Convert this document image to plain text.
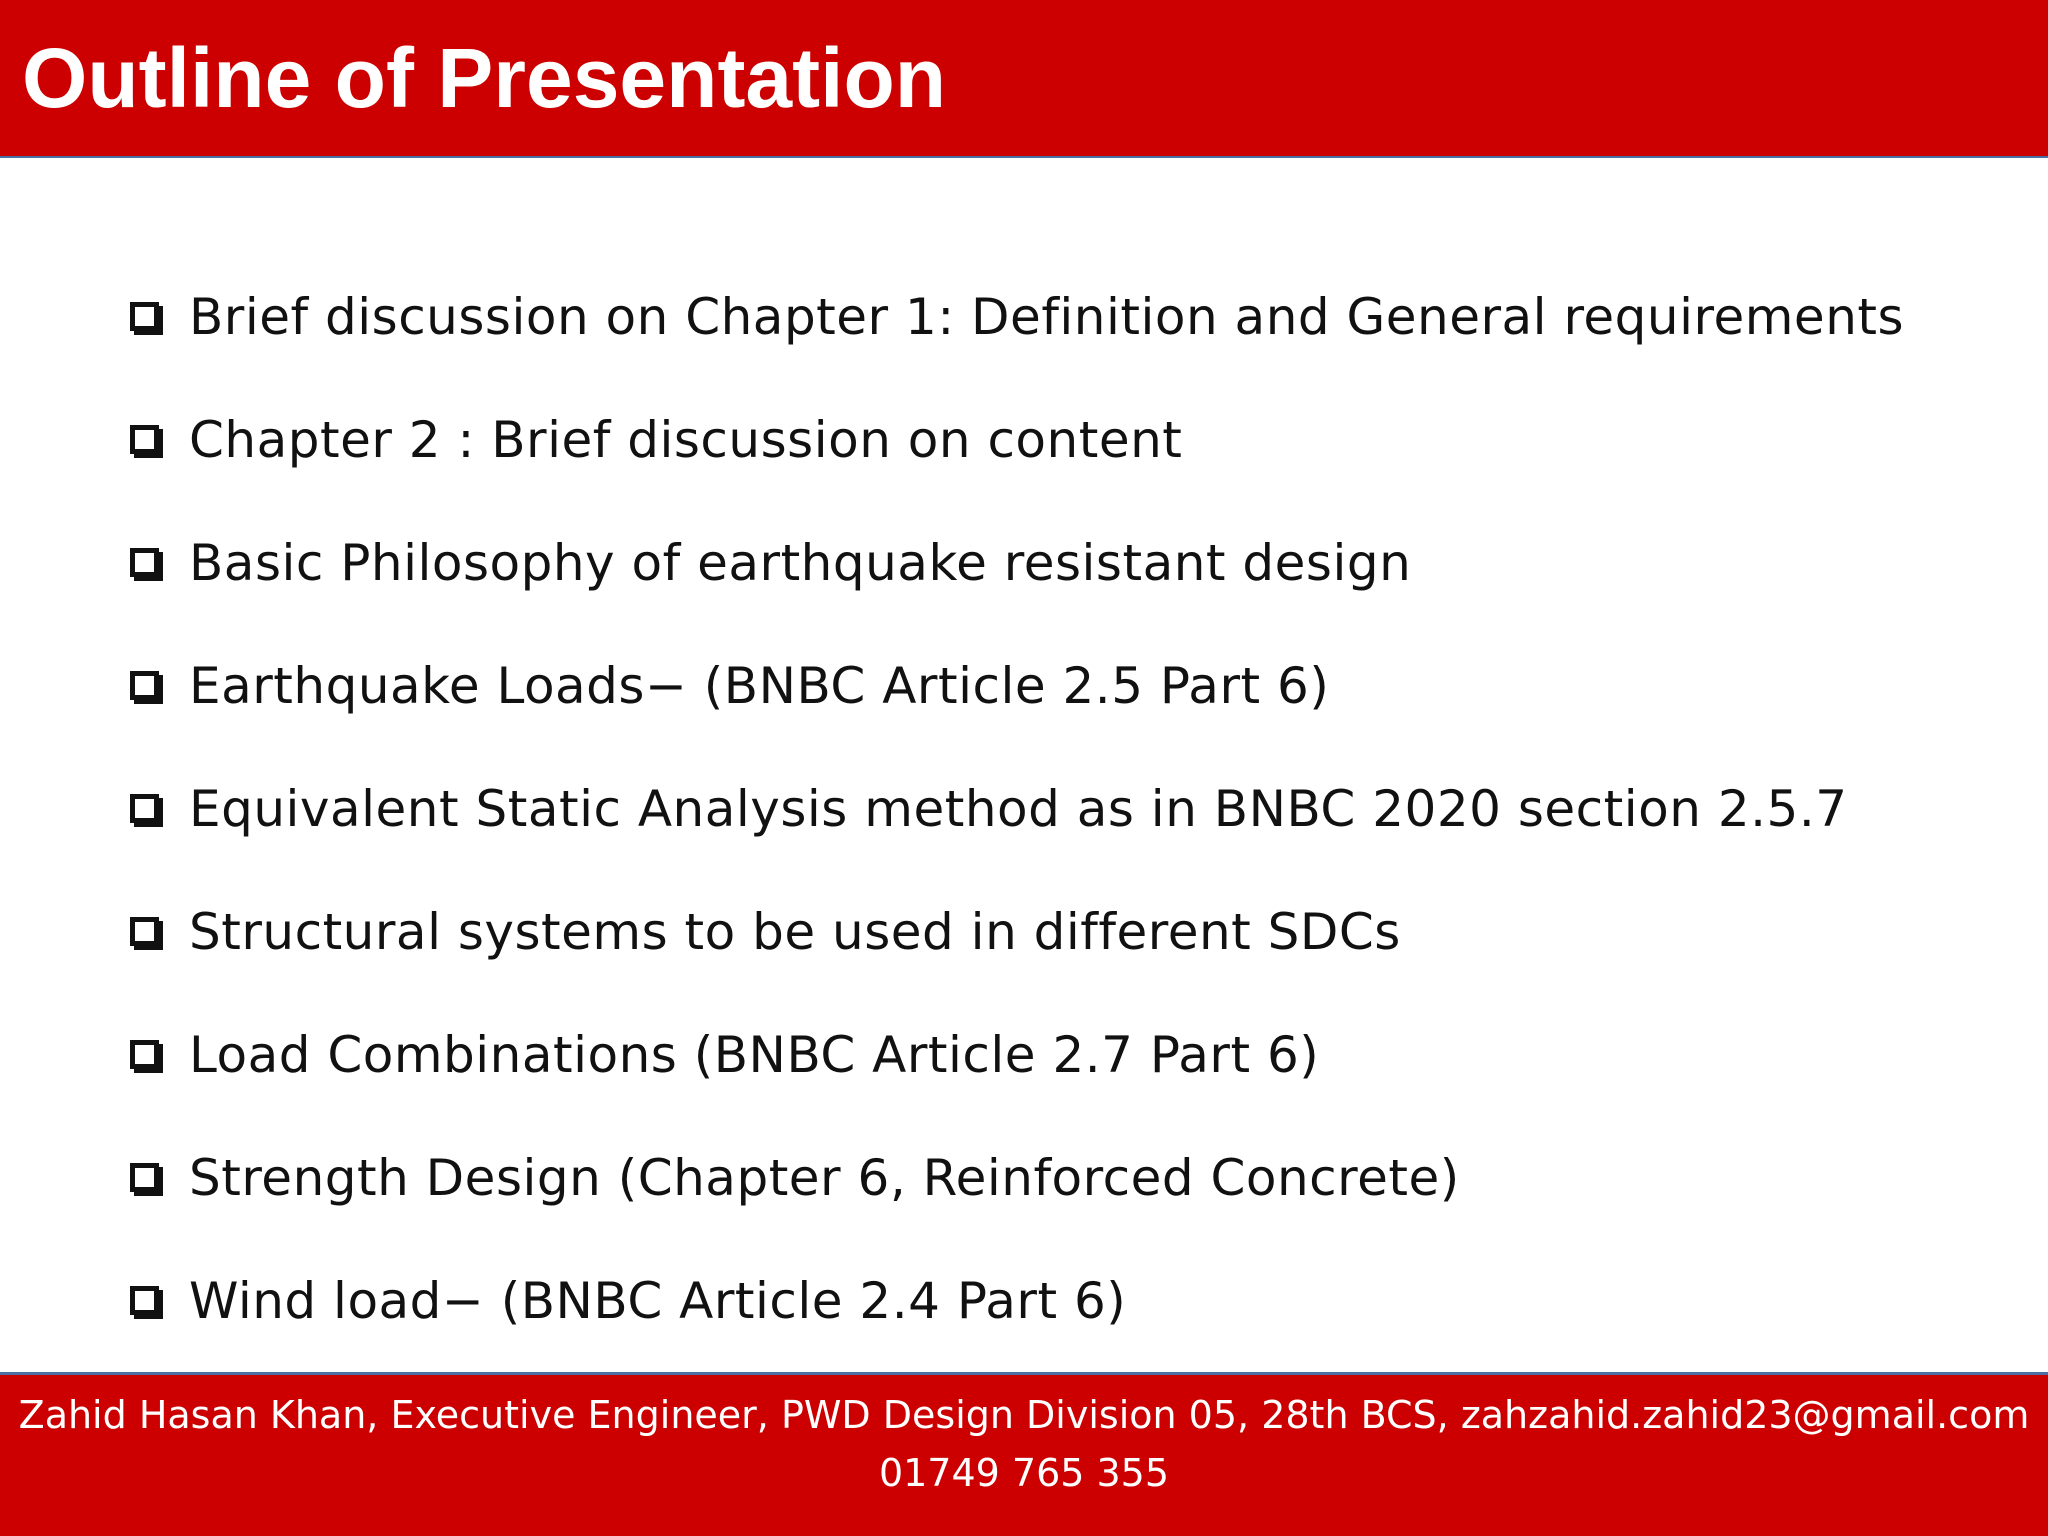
Outline of Presentation
Brief discussion on Chapter 1: Definition and General requirements
Chapter 2 : Brief discussion on content
Basic Philosophy of earthquake resistant design
Earthquake Loads− (BNBC Article 2.5 Part 6)
Equivalent Static Analysis method as in BNBC 2020 section 2.5.7
Structural systems to be used in different SDCs
Load Combinations (BNBC Article 2.7 Part 6)
Strength Design (Chapter 6, Reinforced Concrete)
Wind load− (BNBC Article 2.4 Part 6)
Zahid Hasan Khan, Executive Engineer, PWD Design Division 05, 28th BCS, zahzahid.zahid23@gmail.com
01749 765 355
